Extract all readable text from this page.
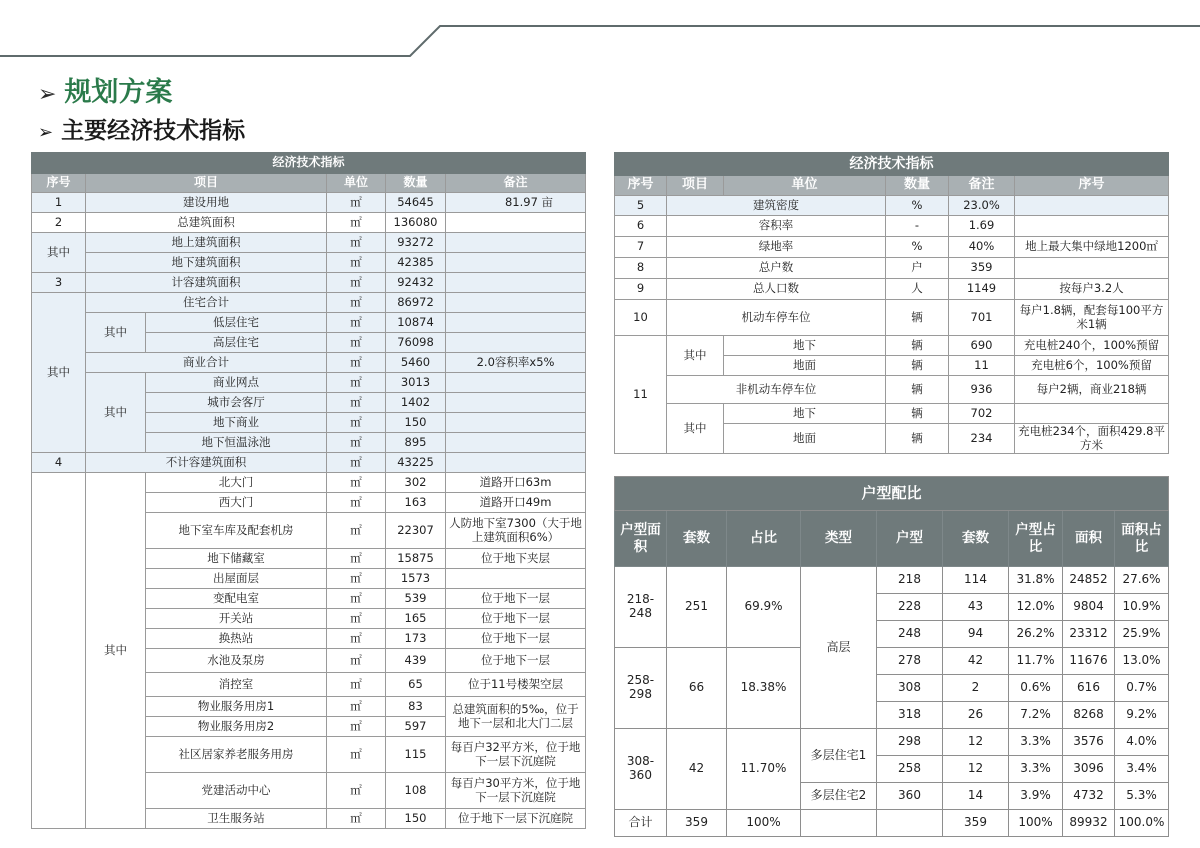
➢ 规划方案
➢ 主要经济技术指标
经济技术指标					
序号	项目		单位	数量	备注
1	建设用地		㎡	54645	81.97 亩
2	总建筑面积		㎡	136080	
其中	地上建筑面积		㎡	93272	
	地下建筑面积		㎡	42385	
3	计容建筑面积		㎡	92432	
其中	住宅合计		㎡	86972	
	其中	低层住宅	㎡	10874	
		高层住宅	㎡	76098	
	商业合计		㎡	5460	2.0容积率x5%
	其中	商业网点	㎡	3013	
		城市会客厅	㎡	1402	
		地下商业	㎡	150	
		地下恒温泳池	㎡	895	
4	不计容建筑面积		㎡	43225	
	其中	北大门	㎡	302	道路开口63m
		西大门	㎡	163	道路开口49m
		地下室车库及配套机房	㎡	22307	人防地下室7300（大于地上建筑面积6%）
		地下储藏室	㎡	15875	位于地下夹层
		出屋面层	㎡	1573	
		变配电室	㎡	539	位于地下一层
		开关站	㎡	165	位于地下一层
		换热站	㎡	173	位于地下一层
		水池及泵房	㎡	439	位于地下一层
		消控室	㎡	65	位于11号楼架空层
		物业服务用房1	㎡	83	总建筑面积的5‰，位于地下一层和北大门二层
		物业服务用房2	㎡	597	
		社区居家养老服务用房	㎡	115	每百户32平方米，位于地下一层下沉庭院
		党建活动中心	㎡	108	每百户30平方米，位于地下一层下沉庭院
		卫生服务站	㎡	150	位于地下一层下沉庭院
经济技术指标					
序号	项目	单位	数量	备注	序号
5	建筑密度		%	23.0%	
6	容积率		-	1.69	
7	绿地率		%	40%	地上最大集中绿地1200㎡
8	总户数		户	359	
9	总人口数		人	1149	按每户3.2人
10	机动车停车位		辆	701	每户1.8辆，配套每100平方米1辆
11	其中	地下	辆	690	充电桩240个，100%预留
		地面	辆	11	充电桩6个，100%预留
	非机动车停车位		辆	936	每户2辆，商业218辆
	其中	地下	辆	702	
		地面	辆	234	充电桩234个，面积429.8平方米
户型配比								
户型面积	套数	占比	类型	户型	套数	户型占比	面积	面积占比
218-248	251	69.9%	高层	218	114	31.8%	24852	27.6%
				228	43	12.0%	9804	10.9%
				248	94	26.2%	23312	25.9%
258-298	66	18.38%		278	42	11.7%	11676	13.0%
				308	2	0.6%	616	0.7%
				318	26	7.2%	8268	9.2%
308-360	42	11.70%	多层住宅1	298	12	3.3%	3576	4.0%
				258	12	3.3%	3096	3.4%
			多层住宅2	360	14	3.9%	4732	5.3%
合计	359	100%			359	100%	89932	100.0%
